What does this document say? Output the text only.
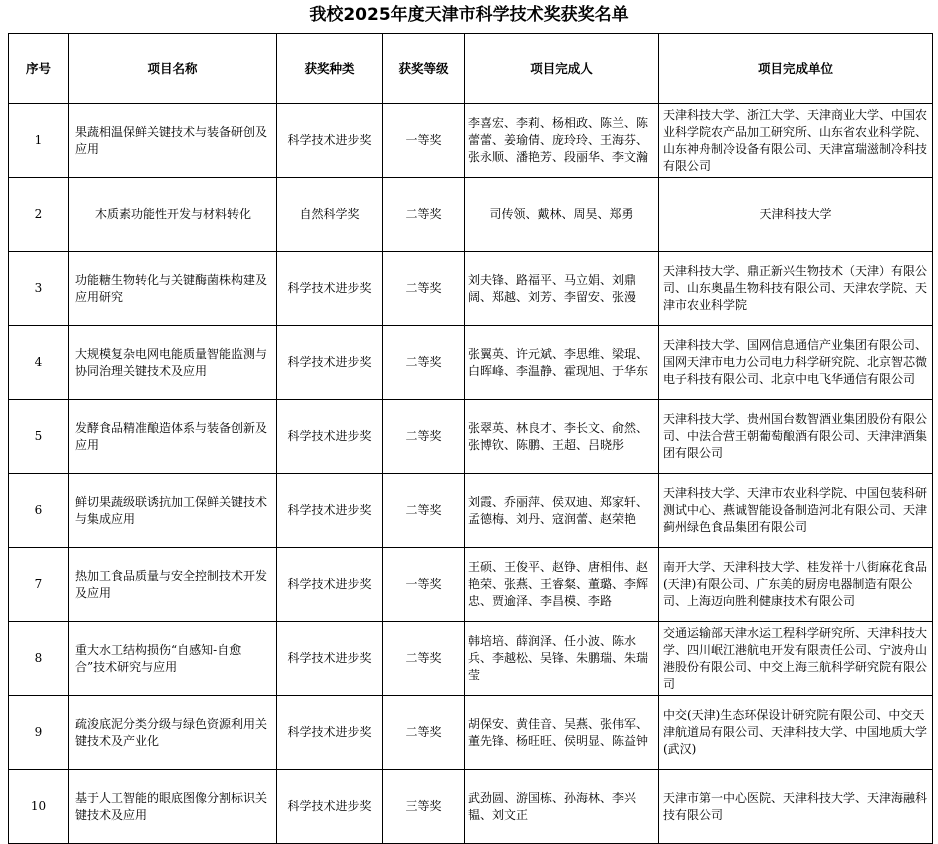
我校2025年度天津市科学技术奖获奖名单
序号	项目名称	获奖种类	获奖等级	项目完成人	项目完成单位
1	果蔬相温保鲜关键技术与装备研创及应用	科学技术进步奖	一等奖	李喜宏、李莉、杨相政、陈兰、陈蕾蕾、姜瑜倩、庞玲玲、王海芬、张永顺、潘艳芳、段丽华、李文瀚	天津科技大学、浙江大学、天津商业大学、中国农业科学院农产品加工研究所、山东省农业科学院、山东神舟制冷设备有限公司、天津富瑞滋制冷科技有限公司
2	木质素功能性开发与材料转化	自然科学奖	二等奖	司传领、戴林、周昊、郑勇	天津科技大学
3	功能糖生物转化与关键酶菌株构建及应用研究	科学技术进步奖	二等奖	刘夫锋、路福平、马立娟、刘鼎阔、郑越、刘芳、李留安、张漫	天津科技大学、鼎正新兴生物技术（天津）有限公司、山东奥晶生物科技有限公司、天津农学院、天津市农业科学院
4	大规模复杂电网电能质量智能监测与协同治理关键技术及应用	科学技术进步奖	二等奖	张翼英、许元斌、李思维、梁琨、白晖峰、李温静、霍现旭、于华东	天津科技大学、国网信息通信产业集团有限公司、国网天津市电力公司电力科学研究院、北京智芯微电子科技有限公司、北京中电飞华通信有限公司
5	发酵食品精准酿造体系与装备创新及应用	科学技术进步奖	二等奖	张翠英、林良才、李长文、俞然、张博钦、陈鹏、王超、吕晓彤	天津科技大学、贵州国台数智酒业集团股份有限公司、中法合营王朝葡萄酿酒有限公司、天津津酒集团有限公司
6	鲜切果蔬级联诱抗加工保鲜关键技术与集成应用	科学技术进步奖	二等奖	刘霞、乔丽萍、侯双迪、郑家轩、孟德梅、刘丹、寇润蕾、赵荣艳	天津科技大学、天津市农业科学院、中国包装科研测试中心、燕诚智能设备制造河北有限公司、天津蓟州绿色食品集团有限公司
7	热加工食品质量与安全控制技术开发及应用	科学技术进步奖	一等奖	王硕、王俊平、赵铮、唐相伟、赵艳荣、张燕、王睿粲、董璐、李辉忠、贾逾泽、李昌模、李路	南开大学、天津科技大学、桂发祥十八街麻花食品(天津)有限公司、广东美的厨房电器制造有限公司、上海迈向胜利健康技术有限公司
8	重大水工结构损伤“自感知-自愈合”技术研究与应用	科学技术进步奖	二等奖	韩培培、薛润泽、任小波、陈水兵、李越松、吴锋、朱鹏瑞、朱瑞莹	交通运输部天津水运工程科学研究所、天津科技大学、四川岷江港航电开发有限责任公司、宁波舟山港股份有限公司、中交上海三航科学研究院有限公司
9	疏浚底泥分类分级与绿色资源利用关键技术及产业化	科学技术进步奖	二等奖	胡保安、黄佳音、吴燕、张伟军、董先锋、杨旺旺、侯明显、陈益钟	中交(天津)生态环保设计研究院有限公司、中交天津航道局有限公司、天津科技大学、中国地质大学(武汉)
10	基于人工智能的眼底图像分割标识关键技术及应用	科学技术进步奖	三等奖	武劲圆、游国栋、孙海林、李兴韫、刘文正	天津市第一中心医院、天津科技大学、天津海融科技有限公司
